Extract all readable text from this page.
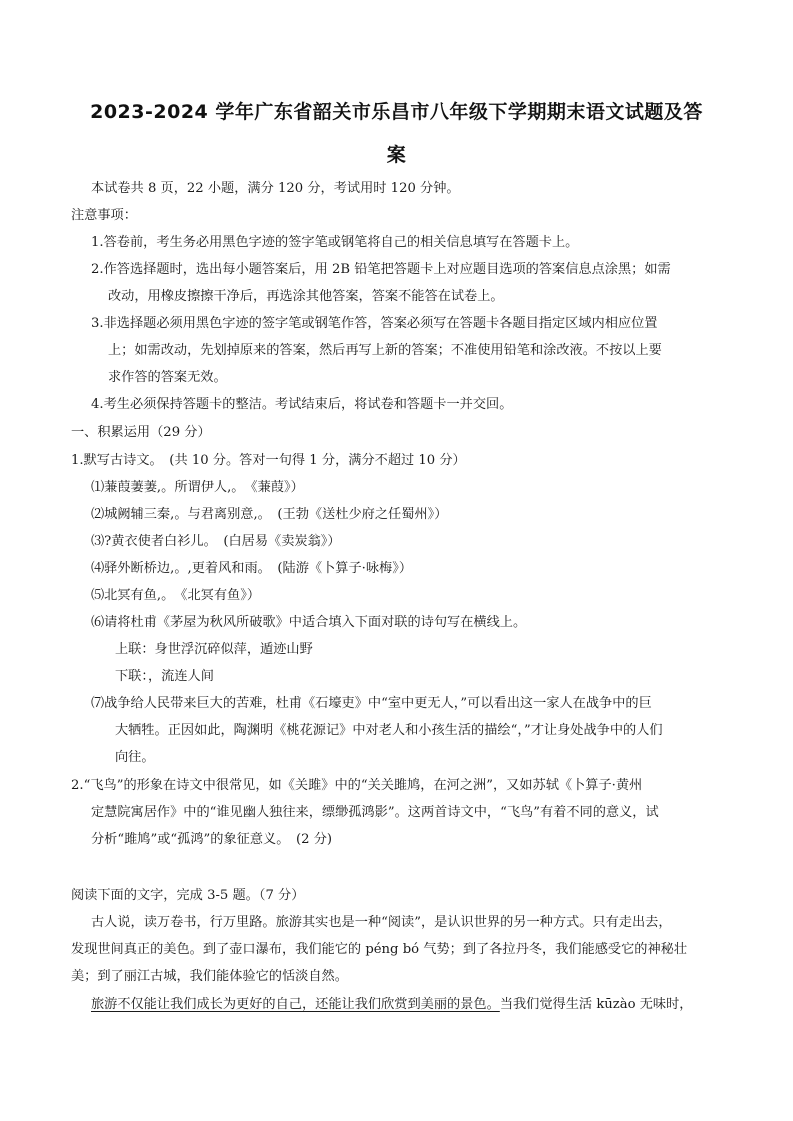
2023-2024 学年广东省韶关市乐昌市八年级下学期期末语文试题及答
案
本试卷共 8 页，22 小题，满分 120 分，考试用时 120 分钟。
注意事项：
1.答卷前，考生务必用黑色字迹的签字笔或钢笔将自己的相关信息填写在答题卡上。
2.作答选择题时，选出每小题答案后，用 2B 铅笔把答题卡上对应题目选项的答案信息点涂黑；如需
改动，用橡皮擦擦干净后，再选涂其他答案，答案不能答在试卷上。
3.非选择题必须用黑色字迹的签字笔或钢笔作答，答案必须写在答题卡各题目指定区域内相应位置
上；如需改动，先划掉原来的答案，然后再写上新的答案；不准使用铅笔和涂改液。不按以上要
求作答的答案无效。
4.考生必须保持答题卡的整洁。考试结束后，将试卷和答题卡一并交回。
一、积累运用（29 分）
1.默写古诗文。　(共 10 分。答对一句得 1 分，满分不超过 10 分）
⑴蒹葭萋萋,。所谓伊人,。　《蒹葭》）
⑵城阙辅三秦,。与君离别意,。　(王勃《送杜少府之任蜀州》）
⑶?黄衣使者白衫儿。　(白居易《卖炭翁》）
⑷驿外断桥边,。,更着风和雨。　(陆游《卜算子·咏梅》）
⑸北冥有鱼,。　《北冥有鱼》）
⑹请将杜甫《茅屋为秋风所破歌》中适合填入下面对联的诗句写在横线上。
上联：身世浮沉碎似萍，遁迹山野
下联：，流连人间
⑺战争给人民带来巨大的苦难，杜甫《石壕吏》中“室中更无人，”可以看出这一家人在战争中的巨
大牺牲。正因如此，陶渊明《桃花源记》中对老人和小孩生活的描绘“，”才让身处战争中的人们
向往。
2.“飞鸟”的形象在诗文中很常见，如《关雎》中的“关关雎鸠，在河之洲”，又如苏轼《卜算子·黄州
定慧院寓居作》中的“谁见幽人独往来，缥缈孤鸿影”。这两首诗文中，“飞鸟”有着不同的意义，试
分析“雎鸠”或“孤鸿”的象征意义。　(2 分)
阅读下面的文字，完成 3-5 题。（7 分）
古人说，读万卷书，行万里路。旅游其实也是一种“阅读”，是认识世界的另一种方式。只有走出去，
发现世间真正的美色。到了壶口瀑布，我们能它的 péng bó 气势；到了各拉丹冬，我们能感受它的神秘壮
美；到了丽江古城，我们能体验它的恬淡自然。
旅游不仅能让我们成长为更好的自己，还能让我们欣赏到美丽的景色。当我们觉得生活 kūzào 无味时，
